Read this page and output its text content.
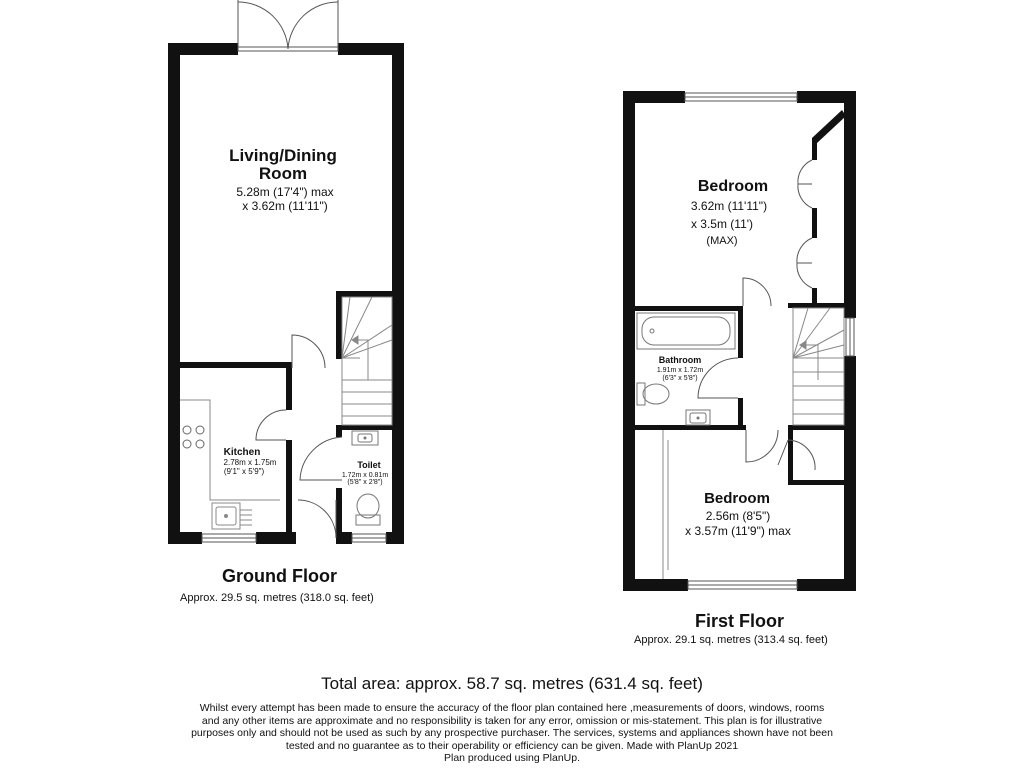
Living/Dining
Room
5.28m (17'4") max
x 3.62m (11'11")
Kitchen
2.78m x 1.75m
(9'1" x 5'9")
Toilet
1.72m x 0.81m
(5'8" x 2'8")
Bedroom
3.62m (11'11")
x 3.5m (11')
(MAX)
Bathroom
1.91m x 1.72m
(6'3" x 5'8")
Bedroom
2.56m (8'5")
x 3.57m (11'9") max
Ground Floor
Approx. 29.5 sq. metres (318.0 sq. feet)
First Floor
Approx. 29.1 sq. metres (313.4 sq. feet)
Total area: approx. 58.7 sq. metres (631.4 sq. feet)
Whilst every attempt has been made to ensure the accuracy of the floor plan contained here ,measurements of doors, windows, rooms
and any other items are approximate and no responsibility is taken for any error, omission or mis-statement. This plan is for illustrative
purposes only and should not be used as such by any prospective purchaser. The services, systems and appliances shown have not been
tested and no guarantee as to their operability or efficiency can be given. Made with PlanUp 2021
Plan produced using PlanUp.
